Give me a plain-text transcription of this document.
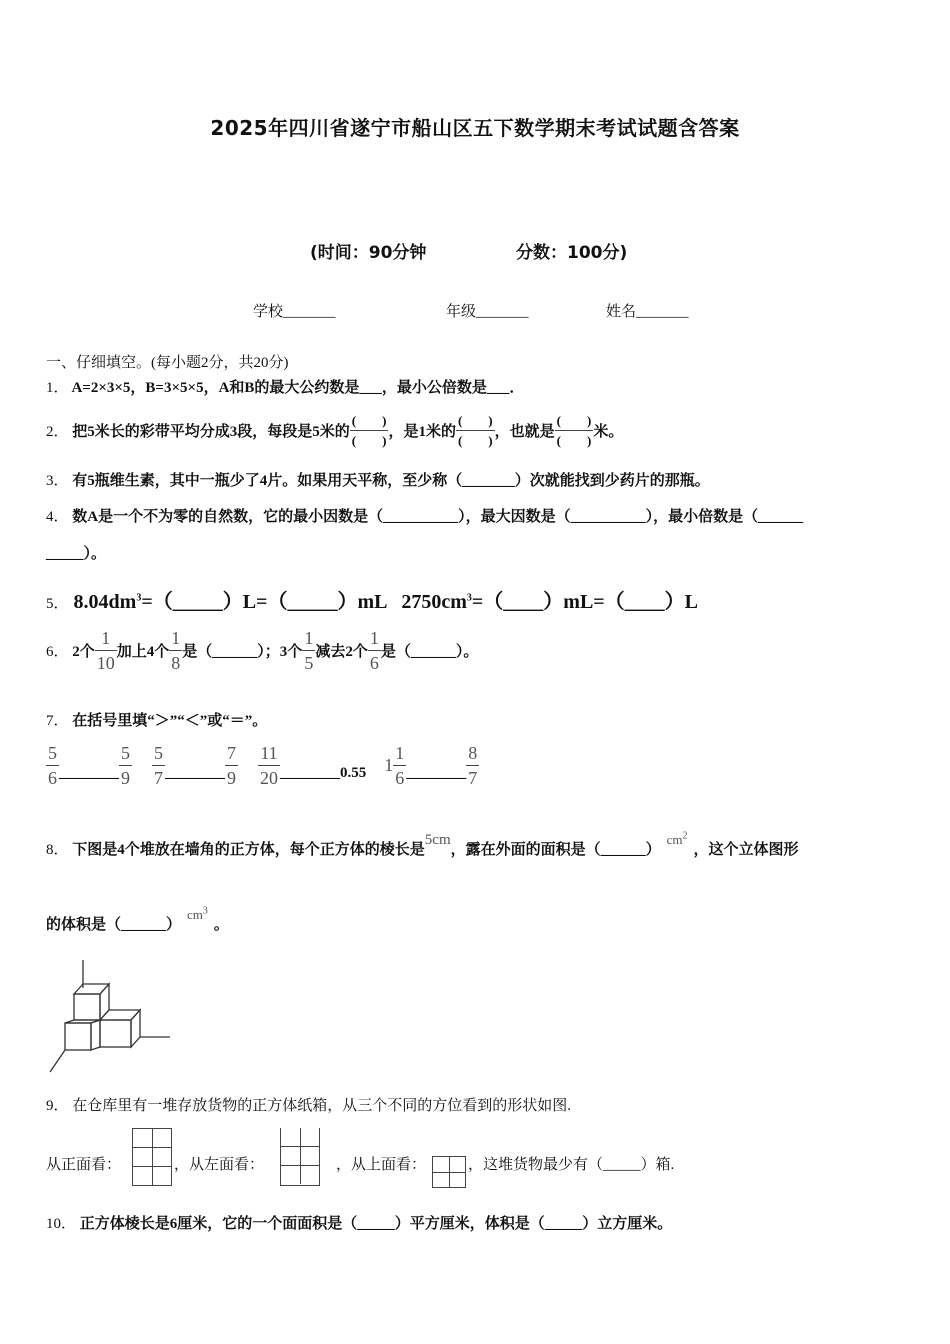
2025年四川省遂宁市船山区五下数学期末考试试题含答案
(时间：90分钟	分数：100分)
学校_______	年级_______	姓名_______
一、仔细填空。(每小题2分，共20分)
1． A=2×3×5，B=3×5×5，A和B的最大公约数是___，最小公倍数是___．
2．
把5米长的彩带平均分成3段，每段是5米的 $\frac{( )}{( )}$ ，是1米的 $\frac{( )}{( )}$ ，也就是 $\frac{( )}{( )}$ 米。
3． 有5瓶维生素，其中一瓶少了4片。如果用天平称，至少称（_______）次就能找到少药片的那瓶。
4． 数A是一个不为零的自然数，它的最小因数是（__________），最大因数是（__________），最小倍数是（______
_____）。
5． $8.04dm^3=(\_\_\_\_\_)L=(\_\_\_\_\_)mL$   $2750cm^3=(\_\_\_\_)mL=(\_\_\_\_)L$
6．
2个 $\frac{1}{10}$ 加上4个 $\frac{1}{8}$ 是（______）；3个 $\frac{1}{5}$ 减去2个 $\frac{1}{6}$ 是（______）。
7． 在括号里填“＞”“＜”或“＝”。
$\frac{5}{6}$ ________ $\frac{5}{9} \frac{5}{7}$ ________ $\frac{7}{9} \frac{11}{20}$ ________ 0.55 $1 \frac{1}{6}$ ________ $\frac{8}{7}$
8． 下图是4个堆放在墙角的正方体，每个正方体的棱长是5cm，露在外面的面积是$(\_\_\_\_\_\_)cm^2$，这个立体图形
的体积是$(\_\_\_\_\_\_)cm^3$。
9． 在仓库里有一堆存放货物的正方体纸箱，从三个不同的方位看到的形状如图.
从正面看：	，从左面看：	，从上面看：	，这堆货物最少有（_____）箱.
10． 正方体棱长是6厘米，它的一个面面积是（_____）平方厘米，体积是（_____）立方厘米。
